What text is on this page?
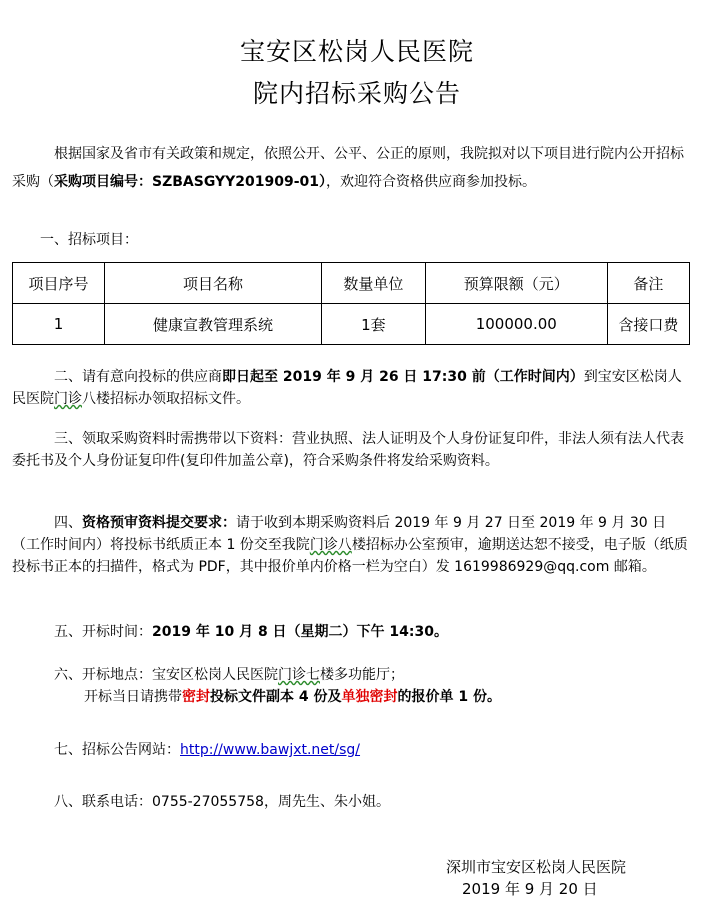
宝安区松岗人民医院
院内招标采购公告
根据国家及省市有关政策和规定，依照公开、公平、公正的原则，我院拟对以下项目进行院内公开招标采购（采购项目编号：SZBASGYY201909-01），欢迎符合资格供应商参加投标。
一、招标项目：
项目序号	项目名称	数量单位	预算限额（元）	备注
1	健康宣教管理系统	1套	100000.00	含接口费
二、请有意向投标的供应商即日起至 2019 年 9 月 26 日 17:30 前（工作时间内）到宝安区松岗人民医院门诊八楼招标办领取招标文件。
三、领取采购资料时需携带以下资料：营业执照、法人证明及个人身份证复印件，非法人须有法人代表委托书及个人身份证复印件(复印件加盖公章)，符合采购条件将发给采购资料。
四、资格预审资料提交要求：请于收到本期采购资料后 2019 年 9 月 27 日至 2019 年 9 月 30 日（工作时间内）将投标书纸质正本 1 份交至我院门诊八楼招标办公室预审，逾期送达恕不接受，电子版（纸质投标书正本的扫描件，格式为 PDF，其中报价单内价格一栏为空白）发 1619986929@qq.com 邮箱。
五、开标时间：2019 年 10 月 8 日（星期二）下午 14:30。
六、开标地点：宝安区松岗人民医院门诊七楼多功能厅；
开标当日请携带密封投标文件副本 4 份及单独密封的报价单 1 份。
七、招标公告网站：http://www.bawjxt.net/sg/
八、联系电话：0755-27055758，周先生、朱小姐。
深圳市宝安区松岗人民医院
2019 年 9 月 20 日
